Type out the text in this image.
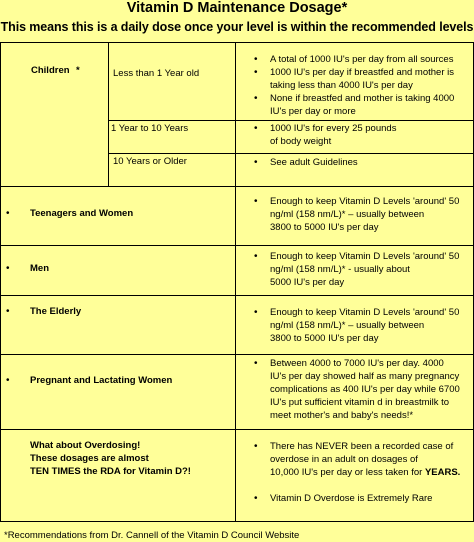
Vitamin D Maintenance Dosage*
This means this is a daily dose once your level is within the recommended levels
Children *	Less than 1 Year old
1 Year to 10 Years
10 Years or Older
• A total of 1000 IU's per day from all sources
• 1000 IU's per day if breastfed and mother is
taking less than 4000 IU's per day
• None if breastfed and mother is taking 4000
IU's per day or more
• 1000 IU's for every 25 pounds
of body weight
• See adult Guidelines
• Teenagers and Women
• Enough to keep Vitamin D Levels 'around' 50
ng/ml (158 nm/L)* – usually between
3800 to 5000 IU's per day
• Men
• Enough to keep Vitamin D Levels 'around' 50
ng/ml (158 nm/L)* - usually about
5000 IU's per day
• The Elderly	• Enough to keep Vitamin D Levels 'around' 50
ng/ml (158 nm/L)* – usually between
3800 to 5000 IU's per day
• Pregnant and Lactating Women
• Between 4000 to 7000 IU's per day. 4000
IU's per day showed half as many pregnancy
complications as 400 IU's per day while 6700
IU's put sufficient vitamin d in breastmilk to
meet mother's and baby's needs!*
What about Overdosing!
These dosages are almost
TEN TIMES the RDA for Vitamin D?!
• There has NEVER been a recorded case of
overdose in an adult on dosages of
10,000 IU's per day or less taken for YEARS.
• Vitamin D Overdose is Extremely Rare
*Recommendations from Dr. Cannell of the Vitamin D Council Website
